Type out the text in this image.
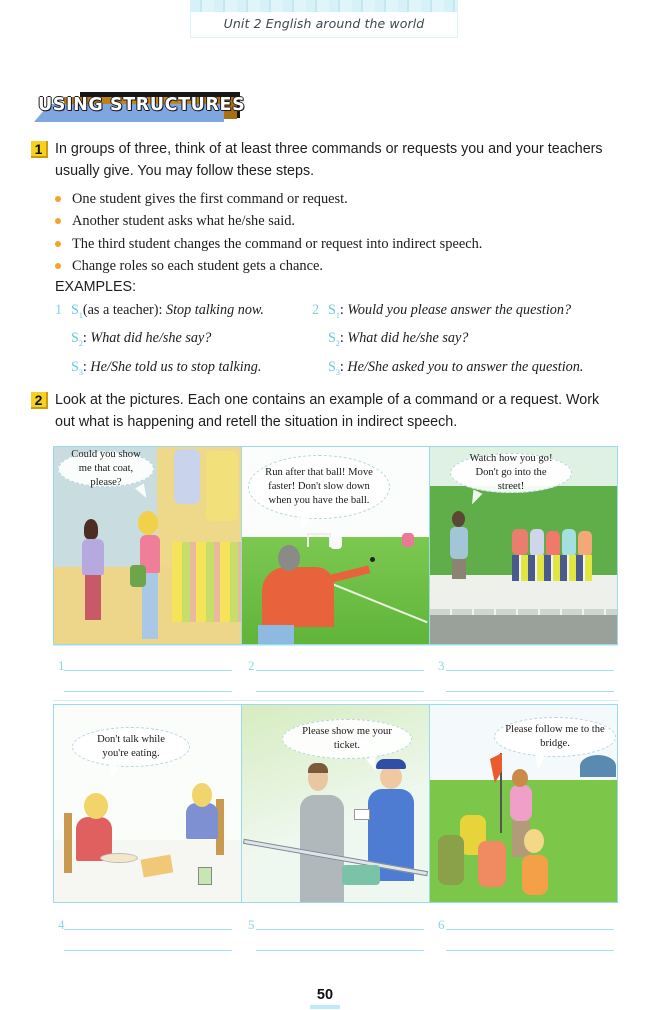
Unit 2 English around the world
USING STRUCTURES
1 In groups of three, think of at least three commands or requests you and your teachers
usually give. You may follow these steps.
One student gives the first command or request.
Another student asks what he/she said.
The third student changes the command or request into indirect speech.
Change roles so each student gets a chance.
EXAMPLES:
1 $S_1(as$ a teacher): Stop talking now.
$S_2$: What did he/she say?
$S_3$: He/She told us to stop talking.
2 $S_1$: Would you please answer the question?
$S_2$: What did he/she say?
$S_3$: He/She asked you to answer the question.
2 Look at the pictures. Each one contains an example of a command or a request. Work
out what is happening and retell the situation in indirect speech.
Could you show me that coat, please?
Run after that ball! Move faster! Don't slow down when you have the ball.
Watch how you go! Don't go into the street!
1	2	3
Don't talk while you're eating.
Please show me your ticket.
Please follow me to the bridge.
4	5	6
50
